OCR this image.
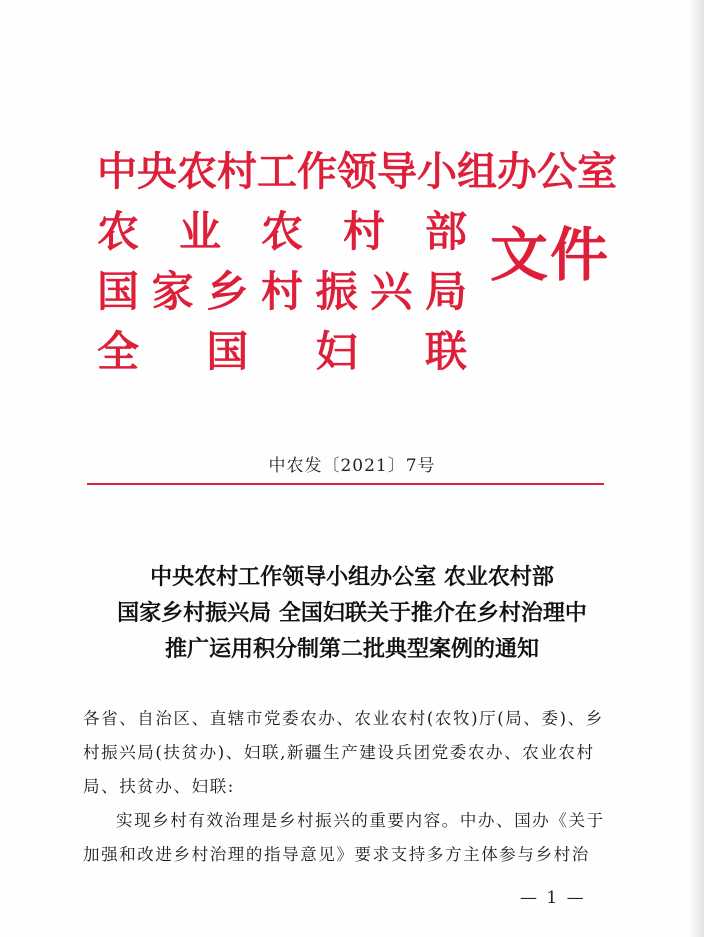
中央农村工作领导小组办公室
农 业 农 村 部
国 家 乡 村 振 兴 局
全 国 妇 联
文件
中农发〔2021〕7号
中央农村工作领导小组办公室 农业农村部
国家乡村振兴局 全国妇联关于推介在乡村治理中
推广运用积分制第二批典型案例的通知

各省、自治区、直辖市党委农办、农业农村(农牧)厅(局、委)、乡村振兴局(扶贫办)、妇联,新疆生产建设兵团党委农办、农业农村局、扶贫办、妇联:

实现乡村有效治理是乡村振兴的重要内容。中办、国办《关于加强和改进乡村治理的指导意见》要求支持多方主体参与乡村治

— 1 —
